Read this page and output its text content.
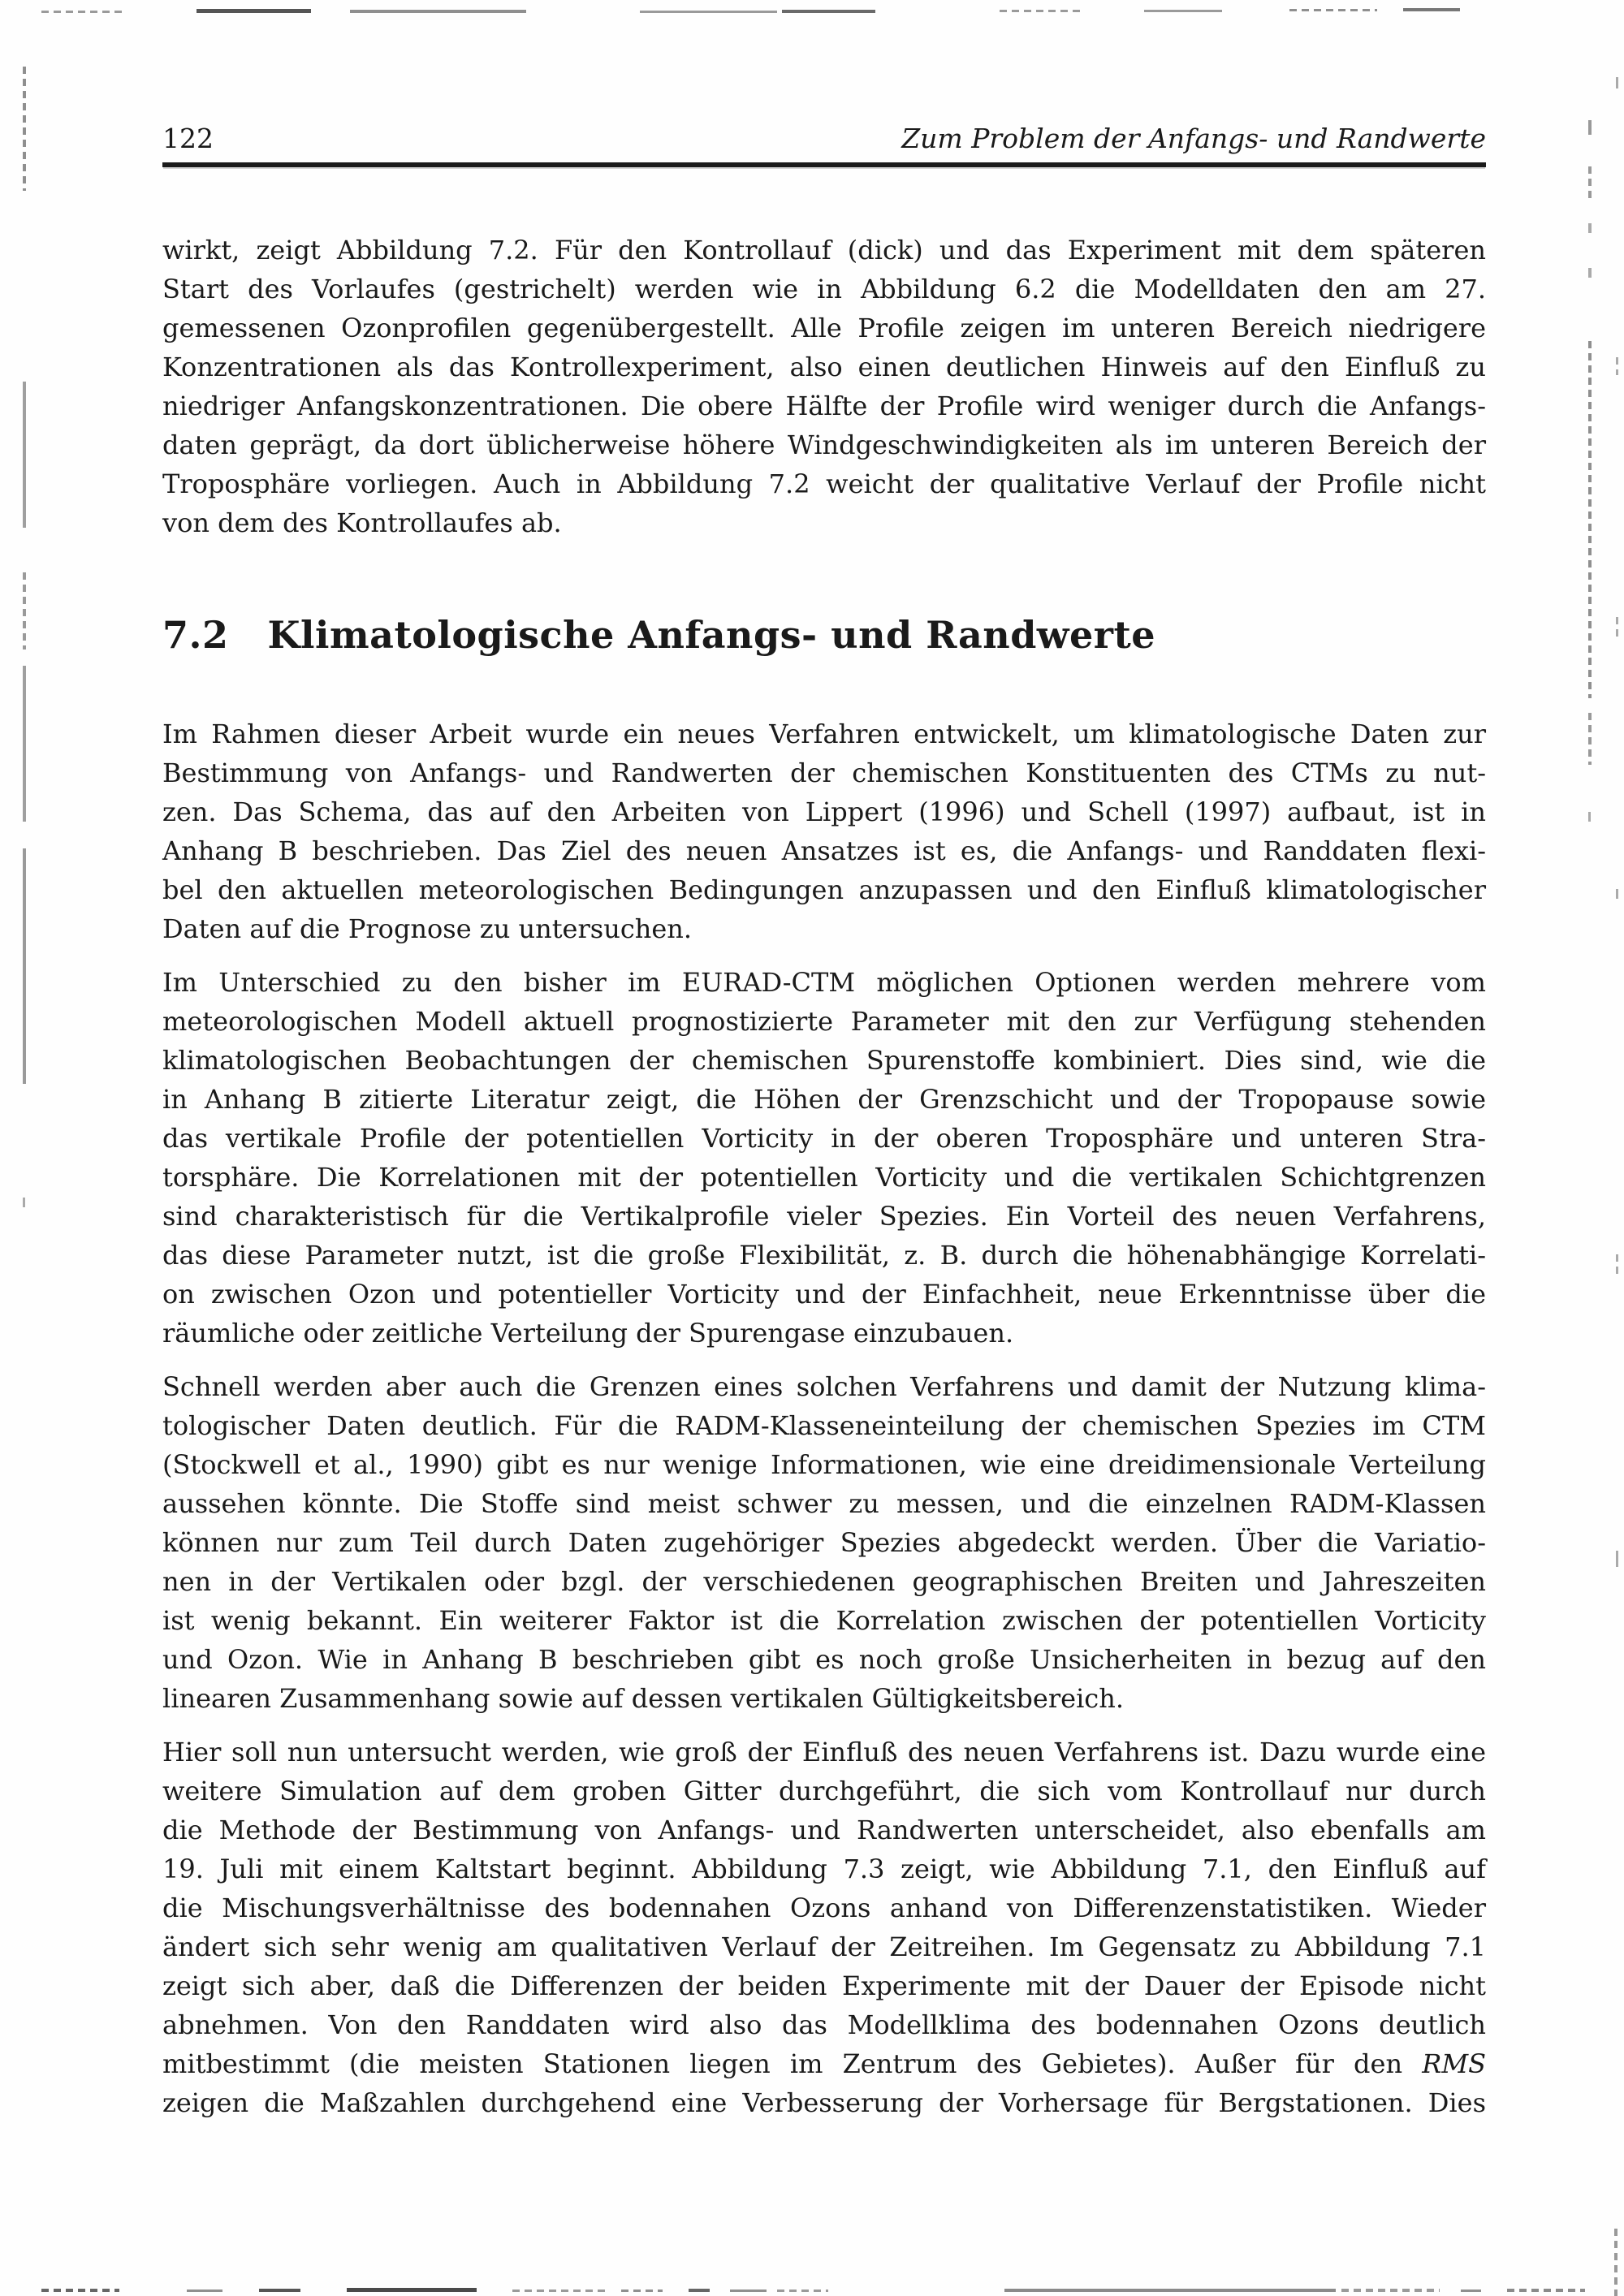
122	Zum Problem der Anfangs- und Randwerte
wirkt, zeigt Abbildung 7.2. Für den Kontrollauf (dick) und das Experiment mit dem späteren
Start des Vorlaufes (gestrichelt) werden wie in Abbildung 6.2 die Modelldaten den am 27.
gemessenen Ozonprofilen gegenübergestellt. Alle Profile zeigen im unteren Bereich niedrigere
Konzentrationen als das Kontrollexperiment, also einen deutlichen Hinweis auf den Einfluß zu
niedriger Anfangskonzentrationen. Die obere Hälfte der Profile wird weniger durch die Anfangs-
daten geprägt, da dort üblicherweise höhere Windgeschwindigkeiten als im unteren Bereich der
Troposphäre vorliegen. Auch in Abbildung 7.2 weicht der qualitative Verlauf der Profile nicht
von dem des Kontrollaufes ab.
7.2 Klimatologische Anfangs- und Randwerte
Im Rahmen dieser Arbeit wurde ein neues Verfahren entwickelt, um klimatologische Daten zur
Bestimmung von Anfangs- und Randwerten der chemischen Konstituenten des CTMs zu nut-
zen. Das Schema, das auf den Arbeiten von Lippert (1996) und Schell (1997) aufbaut, ist in
Anhang B beschrieben. Das Ziel des neuen Ansatzes ist es, die Anfangs- und Randdaten flexi-
bel den aktuellen meteorologischen Bedingungen anzupassen und den Einfluß klimatologischer
Daten auf die Prognose zu untersuchen.
Im Unterschied zu den bisher im EURAD-CTM möglichen Optionen werden mehrere vom
meteorologischen Modell aktuell prognostizierte Parameter mit den zur Verfügung stehenden
klimatologischen Beobachtungen der chemischen Spurenstoffe kombiniert. Dies sind, wie die
in Anhang B zitierte Literatur zeigt, die Höhen der Grenzschicht und der Tropopause sowie
das vertikale Profile der potentiellen Vorticity in der oberen Troposphäre und unteren Stra-
torsphäre. Die Korrelationen mit der potentiellen Vorticity und die vertikalen Schichtgrenzen
sind charakteristisch für die Vertikalprofile vieler Spezies. Ein Vorteil des neuen Verfahrens,
das diese Parameter nutzt, ist die große Flexibilität, z. B. durch die höhenabhängige Korrelati-
on zwischen Ozon und potentieller Vorticity und der Einfachheit, neue Erkenntnisse über die
räumliche oder zeitliche Verteilung der Spurengase einzubauen.
Schnell werden aber auch die Grenzen eines solchen Verfahrens und damit der Nutzung klima-
tologischer Daten deutlich. Für die RADM-Klasseneinteilung der chemischen Spezies im CTM
(Stockwell et al., 1990) gibt es nur wenige Informationen, wie eine dreidimensionale Verteilung
aussehen könnte. Die Stoffe sind meist schwer zu messen, und die einzelnen RADM-Klassen
können nur zum Teil durch Daten zugehöriger Spezies abgedeckt werden. Über die Variatio-
nen in der Vertikalen oder bzgl. der verschiedenen geographischen Breiten und Jahreszeiten
ist wenig bekannt. Ein weiterer Faktor ist die Korrelation zwischen der potentiellen Vorticity
und Ozon. Wie in Anhang B beschrieben gibt es noch große Unsicherheiten in bezug auf den
linearen Zusammenhang sowie auf dessen vertikalen Gültigkeitsbereich.
Hier soll nun untersucht werden, wie groß der Einfluß des neuen Verfahrens ist. Dazu wurde eine
weitere Simulation auf dem groben Gitter durchgeführt, die sich vom Kontrollauf nur durch
die Methode der Bestimmung von Anfangs- und Randwerten unterscheidet, also ebenfalls am
19. Juli mit einem Kaltstart beginnt. Abbildung 7.3 zeigt, wie Abbildung 7.1, den Einfluß auf
die Mischungsverhältnisse des bodennahen Ozons anhand von Differenzenstatistiken. Wieder
ändert sich sehr wenig am qualitativen Verlauf der Zeitreihen. Im Gegensatz zu Abbildung 7.1
zeigt sich aber, daß die Differenzen der beiden Experimente mit der Dauer der Episode nicht
abnehmen. Von den Randdaten wird also das Modellklima des bodennahen Ozons deutlich
mitbestimmt (die meisten Stationen liegen im Zentrum des Gebietes). Außer für den RMS
zeigen die Maßzahlen durchgehend eine Verbesserung der Vorhersage für Bergstationen. Dies
